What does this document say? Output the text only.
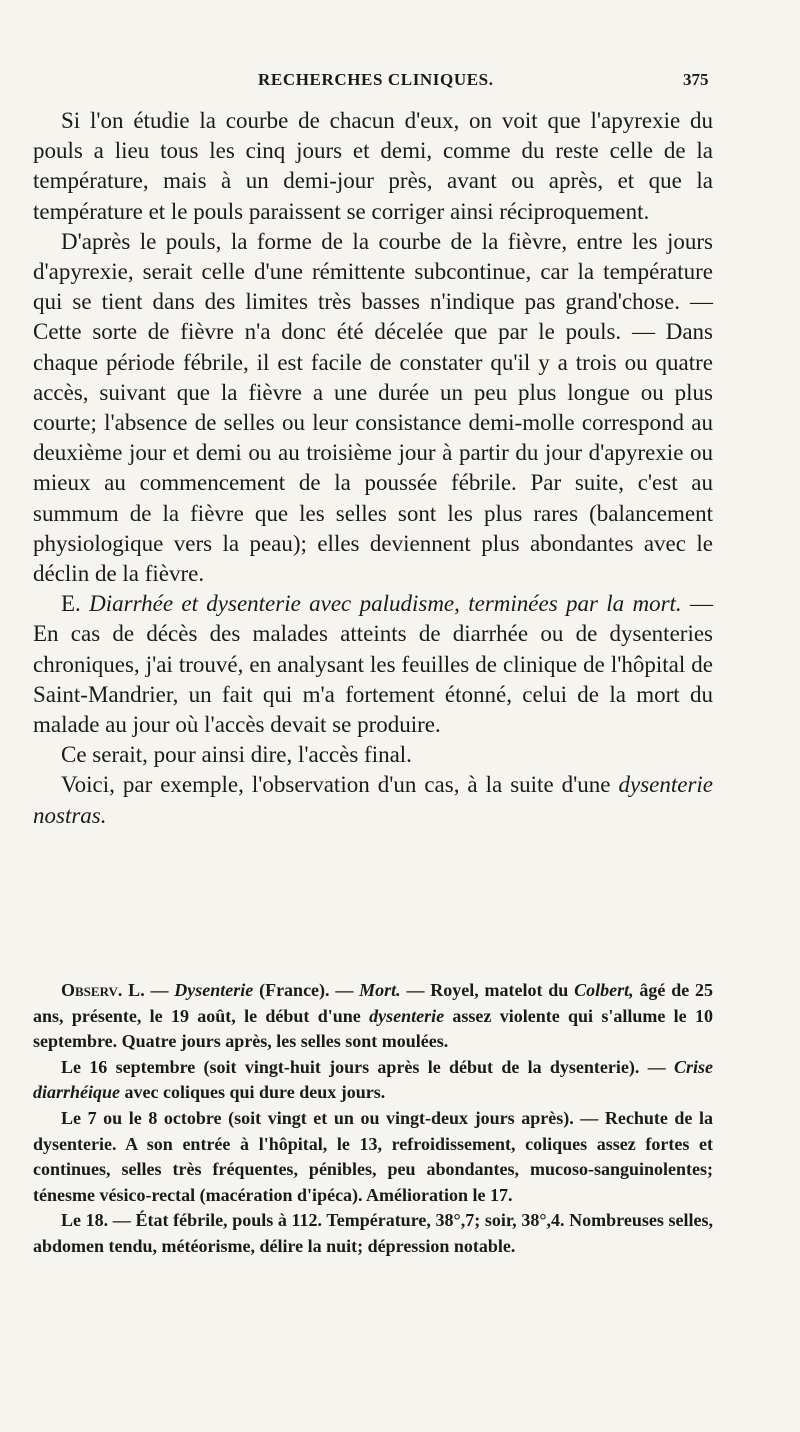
RECHERCHES CLINIQUES.	375

Si l'on étudie la courbe de chacun d'eux, on voit que l'apyrexie du pouls a lieu tous les cinq jours et demi, comme du reste celle de la température, mais à un demi-jour près, avant ou après, et que la température et le pouls paraissent se corriger ainsi réciproquement.

D'après le pouls, la forme de la courbe de la fièvre, entre les jours d'apyrexie, serait celle d'une rémittente subcontinue, car la température qui se tient dans des limites très basses n'indique pas grand'chose. — Cette sorte de fièvre n'a donc été décelée que par le pouls. — Dans chaque période fébrile, il est facile de constater qu'il y a trois ou quatre accès, suivant que la fièvre a une durée un peu plus longue ou plus courte; l'absence de selles ou leur consistance demi-molle correspond au deuxième jour et demi ou au troisième jour à partir du jour d'apyrexie ou mieux au commencement de la poussée fébrile. Par suite, c'est au summum de la fièvre que les selles sont les plus rares (balancement physiologique vers la peau); elles deviennent plus abondantes avec le déclin de la fièvre.

E. Diarrhée et dysenterie avec paludisme, terminées par la mort. — En cas de décès des malades atteints de diarrhée ou de dysenteries chroniques, j'ai trouvé, en analysant les feuilles de clinique de l'hôpital de Saint-Mandrier, un fait qui m'a fortement étonné, celui de la mort du malade au jour où l'accès devait se produire.

Ce serait, pour ainsi dire, l'accès final.

Voici, par exemple, l'observation d'un cas, à la suite d'une dysenterie nostras.

Observ. L. — Dysenterie (France). — Mort. — Royel, matelot du Colbert, âgé de 25 ans, présente, le 19 août, le début d'une dysenterie assez violente qui s'allume le 10 septembre. Quatre jours après, les selles sont moulées.

Le 16 septembre (soit vingt-huit jours après le début de la dysenterie). — Crise diarrhéique avec coliques qui dure deux jours.

Le 7 ou le 8 octobre (soit vingt et un ou vingt-deux jours après). — Rechute de la dysenterie. A son entrée à l'hôpital, le 13, refroidissement, coliques assez fortes et continues, selles très fréquentes, pénibles, peu abondantes, mucoso-sanguinolentes; ténesme vésico-rectal (macération d'ipéca). Amélioration le 17.

Le 18. — État fébrile, pouls à 112. Température, 38°,7; soir, 38°,4. Nombreuses selles, abdomen tendu, météorisme, délire la nuit; dépression notable.
